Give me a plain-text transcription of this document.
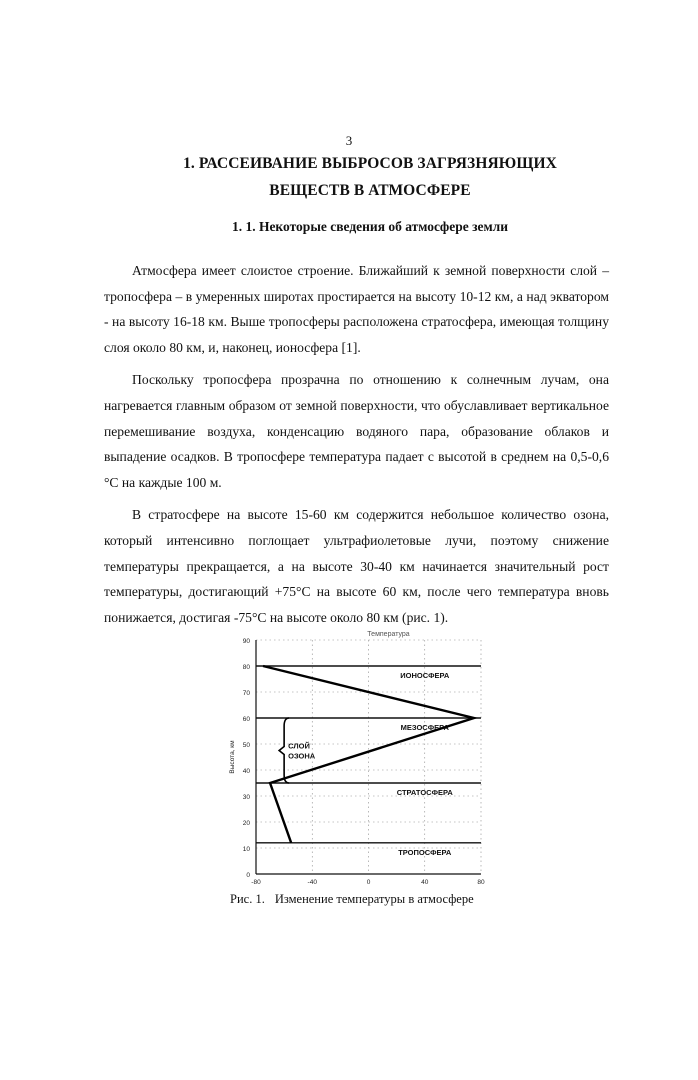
3
1. РАССЕИВАНИЕ ВЫБРОСОВ ЗАГРЯЗНЯЮЩИХ
ВЕЩЕСТВ В АТМОСФЕРЕ
1. 1. Некоторые сведения об атмосфере земли

Атмосфера имеет слоистое строение. Ближайший к земной поверхности слой – тропосфера – в умеренных широтах простирается на высоту 10-12 км, а над экватором - на высоту 16-18 км. Выше тропосферы расположена стратосфера, имеющая толщину слоя около 80 км, и, наконец, ионосфера [1].

Поскольку тропосфера прозрачна по отношению к солнечным лучам, она нагревается главным образом от земной поверхности, что обуславливает вертикальное перемешивание воздуха, конденсацию водяного пара, образование облаков и выпадение осадков. В тропосфере температура падает с высотой в среднем на 0,5-0,6 °С на каждые 100 м.

В стратосфере на высоте 15-60 км содержится небольшое количество озона, который интенсивно поглощает ультрафиолетовые лучи, поэтому снижение температуры прекращается, а на высоте 30-40 км начинается значительный рост температуры, достигающий +75°С на высоте 60 км, после чего температура вновь понижается, достигая -75°С на высоте около 80 км (рис. 1).

Температура
0
10
20
30
40
50
60
70
80
90
-80	-40	0	40	80
Высота, км
ИОНОСФЕРА
МЕЗОСФЕРА
СТРАТОСФЕРА
ТРОПОСФЕРА
СЛОЙ
ОЗОНА
Рис. 1. Изменение температуры в атмосфере
